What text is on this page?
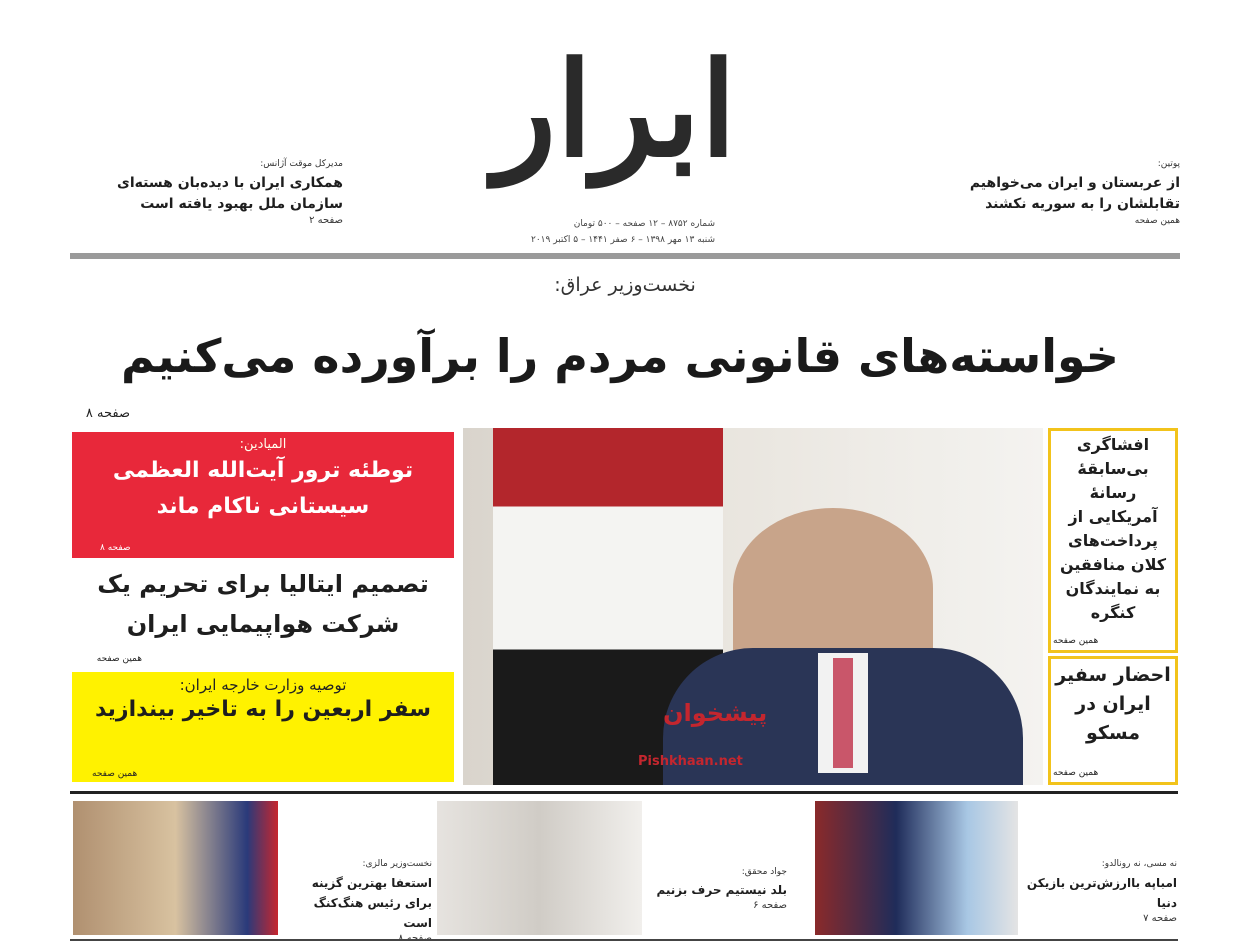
ابرار
شماره ۸۷۵۲ – ۱۲ صفحه – ۵۰۰ تومان
شنبه ۱۳ مهر ۱۳۹۸ – ۶ صفر ۱۴۴۱ – ۵ اکتبر ۲۰۱۹
پوتین:
از عربستان و ایران می‌خواهیم تقابلشان را به سوریه نکشند
همین صفحه
مدیرکل موقت آژانس:
همکاری ایران با دیده‌بان هسته‌ای سازمان ملل بهبود یافته است
صفحه ۲
نخست‌وزیر عراق:
خواسته‌های قانونی مردم را برآورده می‌کنیم
صفحه ۸
المیادین:
توطئه ترور آیت‌الله العظمی سیستانی ناکام ماند
صفحه ۸
تصمیم ایتالیا برای تحریم یک شرکت هواپیمایی ایران
همین صفحه
توصیه وزارت خارجه ایران:
سفر اربعین را به تاخیر بیندازید
همین صفحه
پیشخوان
Pishkhaan.net
افشاگری بی‌سابقهٔ رسانهٔ آمریکایی از پرداخت‌های کلان منافقین به نمایندگان کنگره
همین صفحه
احضار سفیر ایران در مسکو
همین صفحه
نخست‌وزیر مالزی:
استعفا بهترین گزینه برای رئیس هنگ‌کنگ است
جواد محقق:
بلد نیستیم حرف بزنیم
صفحه ۶
نه مسی، نه رونالدو:
امباپه باارزش‌ترین بازیکن دنیا
صفحه ۷
